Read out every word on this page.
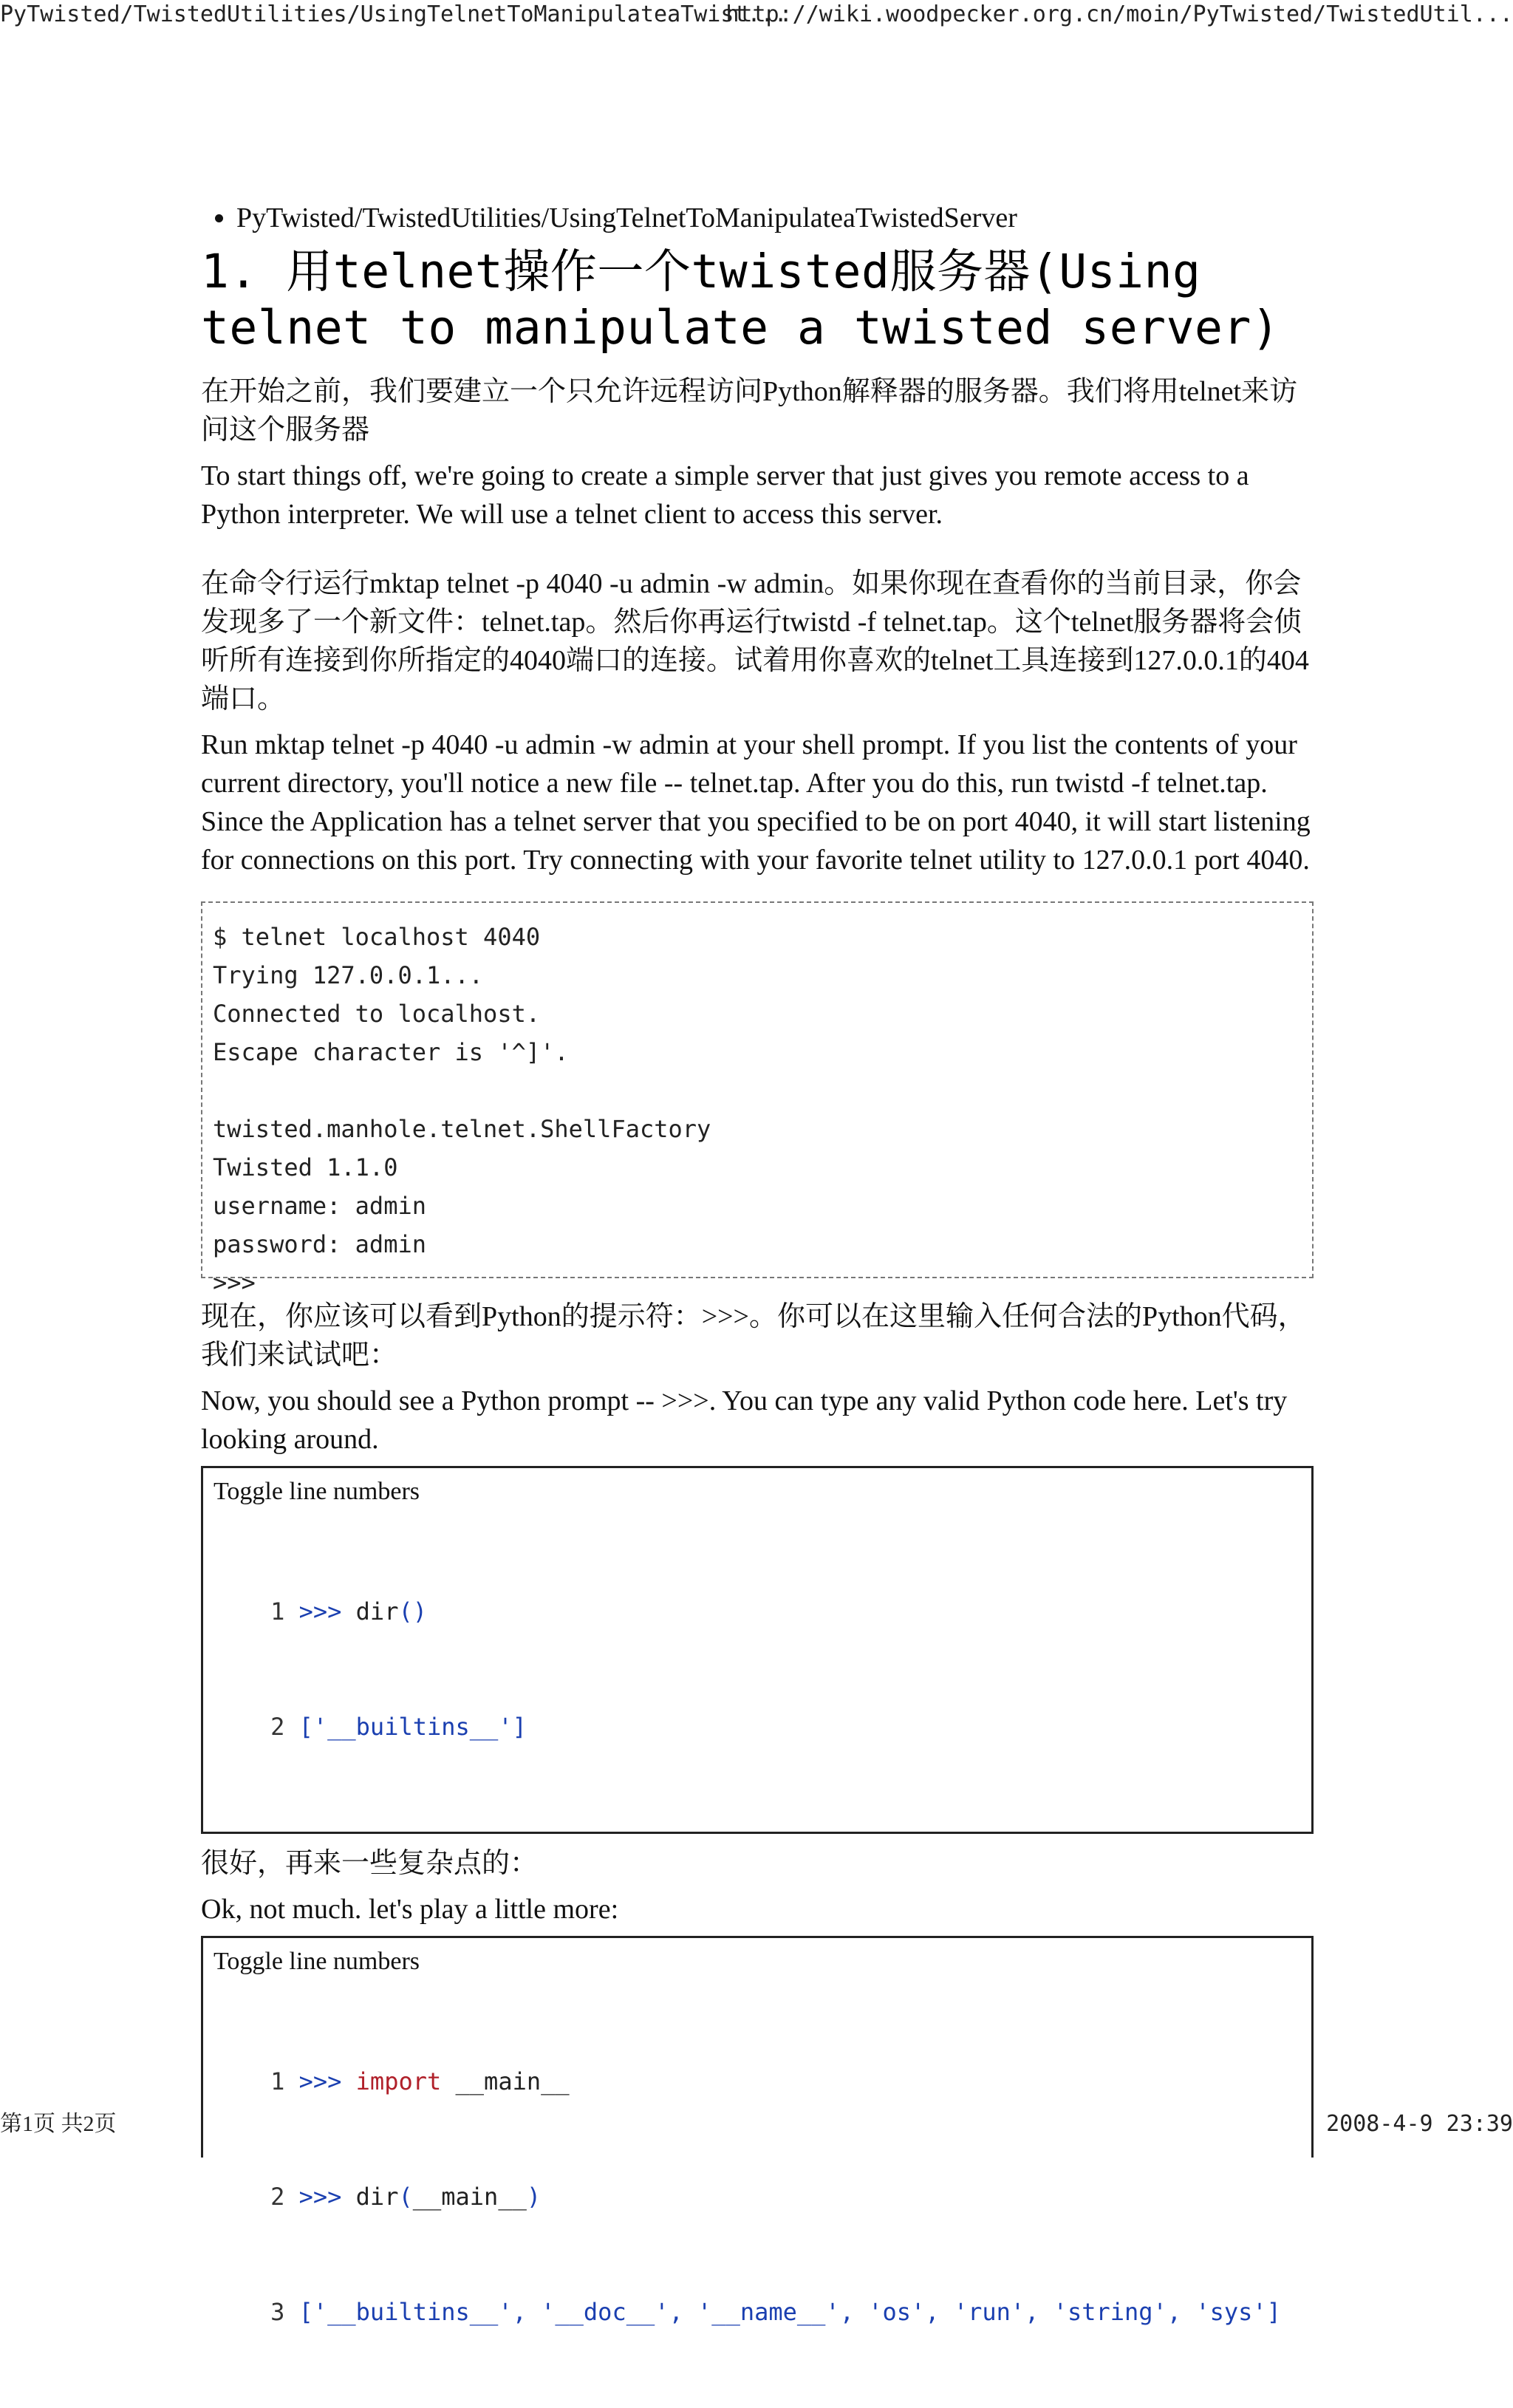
PyTwisted/TwistedUtilities/UsingTelnetToManipulateaTwist...
http://wiki.woodpecker.org.cn/moin/PyTwisted/TwistedUtil...
• PyTwisted/TwistedUtilities/UsingTelnetToManipulateaTwistedServer
1. 用telnet操作一个twisted服务器(Using telnet to manipulate a twisted server)

在开始之前，我们要建立一个只允许远程访问Python解释器的服务器。我们将用telnet来访问这个服务器

To start things off, we're going to create a simple server that just gives you remote access to a Python interpreter. We will use a telnet client to access this server.

在命令行运行mktap telnet -p 4040 -u admin -w admin。如果你现在查看你的当前目录，你会发现多了一个新文件：telnet.tap。然后你再运行twistd -f telnet.tap。这个telnet服务器将会侦听所有连接到你所指定的4040端口的连接。试着用你喜欢的telnet工具连接到127.0.0.1的404端口。

Run mktap telnet -p 4040 -u admin -w admin at your shell prompt. If you list the contents of your current directory, you'll notice a new file -- telnet.tap. After you do this, run twistd -f telnet.tap. Since the Application has a telnet server that you specified to be on port 4040, it will start listening for connections on this port. Try connecting with your favorite telnet utility to 127.0.0.1 port 4040.

$ telnet localhost 4040
Trying 127.0.0.1...
Connected to localhost.
Escape character is '^]'.

twisted.manhole.telnet.ShellFactory
Twisted 1.1.0
username: admin
password: admin
>>>

现在，你应该可以看到Python的提示符：>>>。你可以在这里输入任何合法的Python代码，我们来试试吧：

Now, you should see a Python prompt -- >>>. You can type any valid Python code here. Let's try looking around.

Toggle line numbers

1 >>> dir()

2 ['__builtins__']

很好，再来一些复杂点的：

Ok, not much. let's play a little more:

Toggle line numbers

1 >>> import __main__

2 >>> dir(__main__)

3 ['__builtins__', '__doc__', '__name__', 'os', 'run', 'string', 'sys']

第1页 共2页	2008-4-9 23:39
